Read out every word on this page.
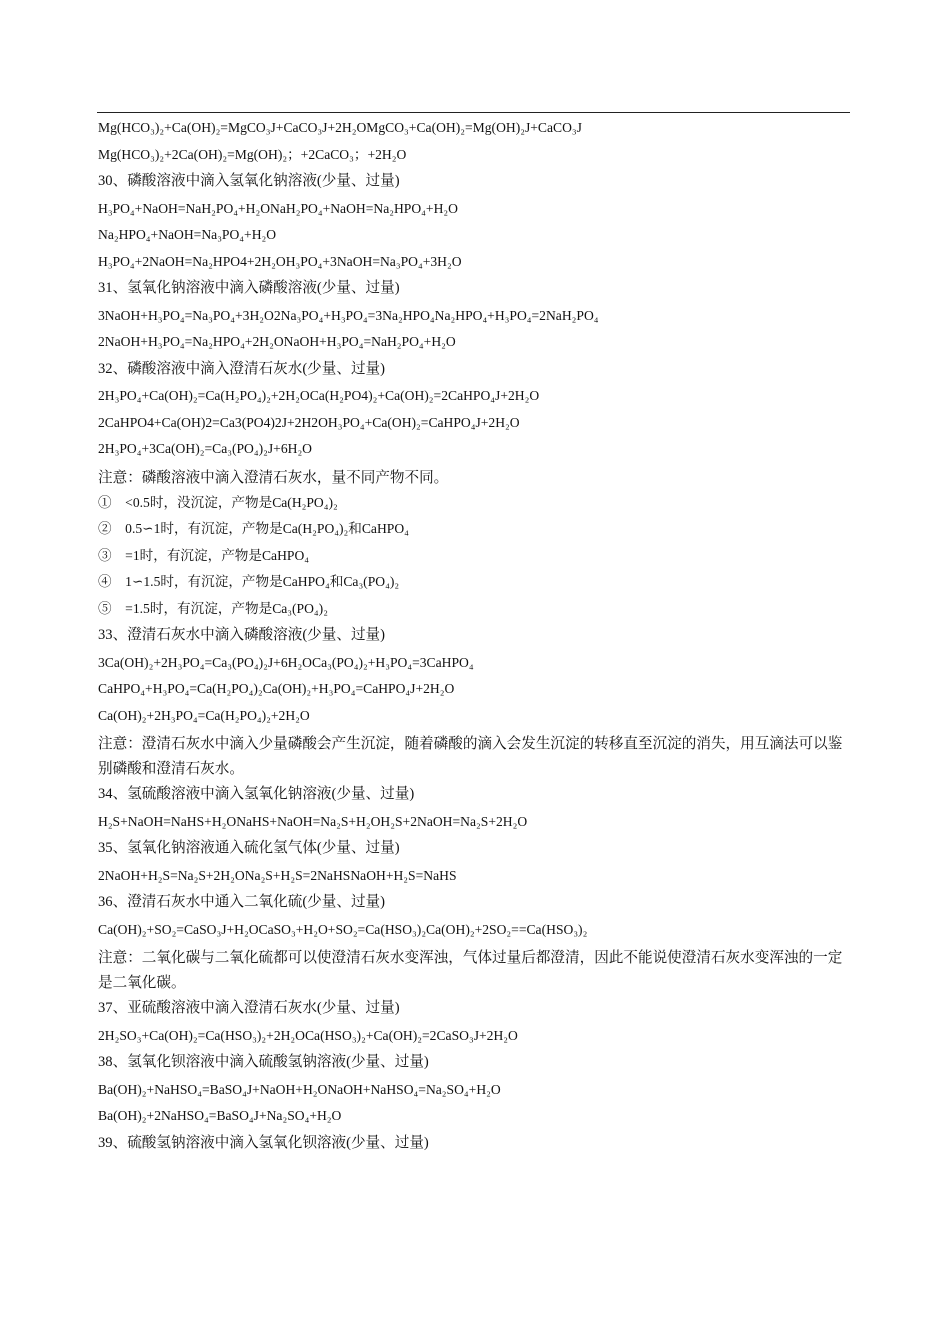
Mg(HCO₃)₂+Ca(OH)₂=MgCO₃J+CaCO₃J+2H₂OMgCO₃+Ca(OH)₂=Mg(OH)₂J+CaCO₃J
Mg(HCO₃)₂+2Ca(OH)₂=Mg(OH)₂；+2CaCO₃；+2H₂O
30、磷酸溶液中滴入氢氧化钠溶液(少量、过量)
H₃PO₄+NaOH=NaH₂PO₄+H₂ONaH₂PO₄+NaOH=Na₂HPO₄+H₂O
Na₂HPO₄+NaOH=Na₃PO₄+H₂O
H₃PO₄+2NaOH=Na₂HPO4+2H₂OH₃PO₄+3NaOH=Na₃PO₄+3H₂O
31、氢氧化钠溶液中滴入磷酸溶液(少量、过量)
3NaOH+H₃PO₄=Na₃PO₄+3H₂O2Na₃PO₄+H₃PO₄=3Na₂HPO₄Na₂HPO₄+H₃PO₄=2NaH₂PO₄
2NaOH+H₃PO₄=Na₂HPO₄+2H₂ONaOH+H₃PO₄=NaH₂PO₄+H₂O
32、磷酸溶液中滴入澄清石灰水(少量、过量)
2H₃PO₄+Ca(OH)₂=Ca(H₂PO₄)₂+2H₂OCa(H₂PO4)₂+Ca(OH)₂=2CaHPO₄J+2H₂O
2CaHPO4+Ca(OH)2=Ca3(PO4)2J+2H2OH₃PO₄+Ca(OH)₂=CaHPO₄J+2H₂O
2H₃PO₄+3Ca(OH)₂=Ca₃(PO₄)₂J+6H₂O
注意：磷酸溶液中滴入澄清石灰水，量不同产物不同。
①　<0.5时，没沉淀，产物是Ca(H₂PO₄)₂
②　0.5∽1时，有沉淀，产物是Ca(H₂PO₄)₂和CaHPO₄
③　=1时，有沉淀，产物是CaHPO₄
④　1∽1.5时，有沉淀，产物是CaHPO₄和Ca₃(PO₄)₂
⑤　=1.5时，有沉淀，产物是Ca₃(PO₄)₂
33、澄清石灰水中滴入磷酸溶液(少量、过量)
3Ca(OH)₂+2H₃PO₄=Ca₃(PO₄)₂J+6H₂OCa₃(PO₄)₂+H₃PO₄=3CaHPO₄
CaHPO₄+H₃PO₄=Ca(H₂PO₄)₂Ca(OH)₂+H₃PO₄=CaHPO₄J+2H₂O
Ca(OH)₂+2H₃PO₄=Ca(H₂PO₄)₂+2H₂O
注意：澄清石灰水中滴入少量磷酸会产生沉淀，随着磷酸的滴入会发生沉淀的转移直至沉淀的消失，用互滴法可以鉴别磷酸和澄清石灰水。
34、氢硫酸溶液中滴入氢氧化钠溶液(少量、过量)
H₂S+NaOH=NaHS+H₂ONaHS+NaOH=Na₂S+H₂OH₂S+2NaOH=Na₂S+2H₂O
35、氢氧化钠溶液通入硫化氢气体(少量、过量)
2NaOH+H₂S=Na₂S+2H₂ONa₂S+H₂S=2NaHSNaOH+H₂S=NaHS
36、澄清石灰水中通入二氧化硫(少量、过量)
Ca(OH)₂+SO₂=CaSO₃J+H₂OCaSO₃+H₂O+SO₂=Ca(HSO₃)₂Ca(OH)₂+2SO₂==Ca(HSO₃)₂
注意：二氧化碳与二氧化硫都可以使澄清石灰水变浑浊，气体过量后都澄清，因此不能说使澄清石灰水变浑浊的一定是二氧化碳。
37、亚硫酸溶液中滴入澄清石灰水(少量、过量)
2H₂SO₃+Ca(OH)₂=Ca(HSO₃)₂+2H₂OCa(HSO₃)₂+Ca(OH)₂=2CaSO₃J+2H₂O
38、氢氧化钡溶液中滴入硫酸氢钠溶液(少量、过量)
Ba(OH)₂+NaHSO₄=BaSO₄J+NaOH+H₂ONaOH+NaHSO₄=Na₂SO₄+H₂O
Ba(OH)₂+2NaHSO₄=BaSO₄J+Na₂SO₄+H₂O
39、硫酸氢钠溶液中滴入氢氧化钡溶液(少量、过量)
